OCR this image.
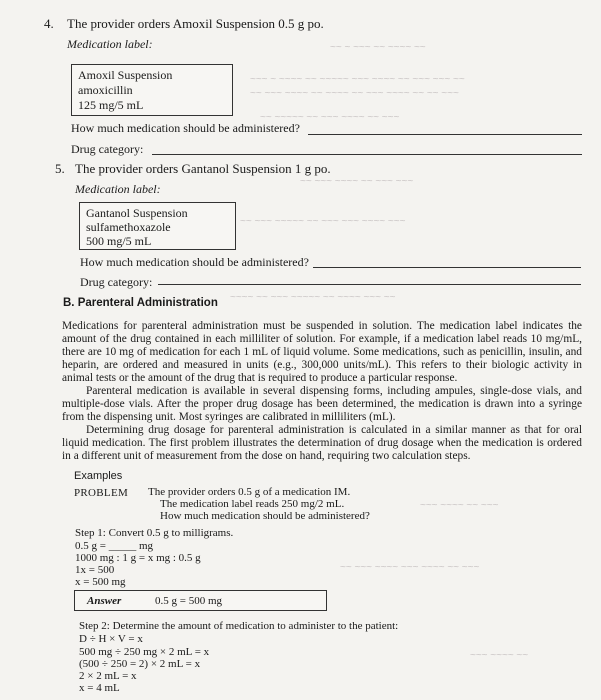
~~ ~ ~~~ ~~ ~~~~ ~~
~~~ ~ ~~~~ ~~ ~~~~~ ~~~ ~~~~ ~~ ~~~ ~~~ ~~
~~ ~~~ ~~~~ ~~ ~~~~ ~~ ~~~ ~~~~ ~~ ~~ ~~~
~~ ~~~~~ ~~ ~~~ ~~~~ ~~ ~~~
~~ ~~~ ~~~~ ~~ ~~~ ~~~
~~ ~~~ ~~~~~ ~~ ~~~ ~~~ ~~~~ ~~~
~~~~ ~~ ~~~ ~~~~~ ~~ ~~~~ ~~~ ~~
~~~ ~~~~ ~~ ~~~
~~ ~~~ ~~~~ ~~~ ~~~~ ~~ ~~~
~~~ ~~~~ ~~
4. The provider orders Amoxil Suspension 0.5 g po.
Medication label:
Amoxil Suspension
amoxicillin
125 mg/5 mL
How much medication should be administered?
Drug category:
5. The provider orders Gantanol Suspension 1 g po.
Medication label:
Gantanol Suspension
sulfamethoxazole
500 mg/5 mL
How much medication should be administered?
Drug category:
B. Parenteral Administration
Medications for parenteral administration must be suspended in solution. The medication label indicates the amount of the drug contained in each milliliter of solution. For example, if a medication label reads 10 mg/mL, there are 10 mg of medication for each 1 mL of liquid volume. Some medications, such as penicillin, insulin, and heparin, are ordered and measured in units (e.g., 300,000 units/mL). This refers to their biologic activity in animal tests or the amount of the drug that is required to produce a particular response.
Parenteral medication is available in several dispensing forms, including ampules, single-dose vials, and multiple-dose vials. After the proper drug dosage has been determined, the medication is drawn into a syringe from the dispensing unit. Most syringes are calibrated in milliliters (mL).
Determining drug dosage for parenteral administration is calculated in a similar manner as that for oral liquid medication. The first problem illustrates the determination of drug dosage when the medication is ordered in a different unit of measurement from the dose on hand, requiring two calculation steps.
Examples
PROBLEM The provider orders 0.5 g of a medication IM.
The medication label reads 250 mg/2 mL.
How much medication should be administered?
Step 1: Convert 0.5 g to milligrams.
0.5 g = _____ mg
1000 mg : 1 g = x mg : 0.5 g
1x = 500
x = 500 mg
Answer	0.5 g = 500 mg
Step 2: Determine the amount of medication to administer to the patient:
D ÷ H × V = x
500 mg ÷ 250 mg × 2 mL = x
(500 ÷ 250 = 2) × 2 mL = x
2 × 2 mL = x
x = 4 mL
